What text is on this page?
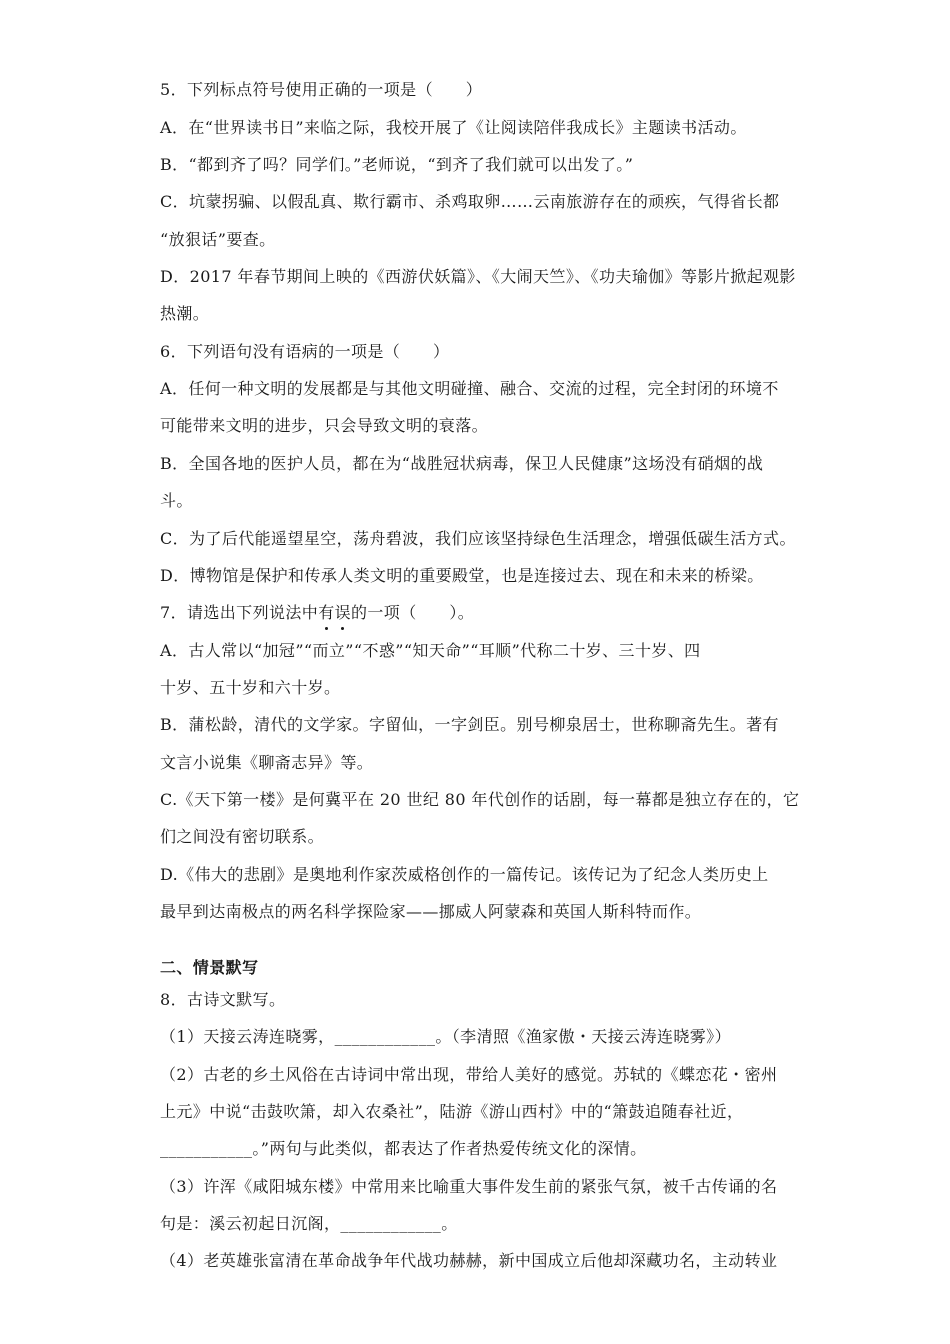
5．下列标点符号使用正确的一项是（　　）
A．在“世界读书日”来临之际，我校开展了《让阅读陪伴我成长》主题读书活动。
B．“都到齐了吗？同学们。”老师说，“到齐了我们就可以出发了。”
C．坑蒙拐骗、以假乱真、欺行霸市、杀鸡取卵……云南旅游存在的顽疾，气得省长都
“放狠话”要查。
D．2017 年春节期间上映的《西游伏妖篇》、《大闹天竺》、《功夫瑜伽》等影片掀起观影
热潮。
6．下列语句没有语病的一项是（　　）
A．任何一种文明的发展都是与其他文明碰撞、融合、交流的过程，完全封闭的环境不
可能带来文明的进步，只会导致文明的衰落。
B．全国各地的医护人员，都在为“战胜冠状病毒，保卫人民健康”这场没有硝烟的战
斗。
C．为了后代能遥望星空，荡舟碧波，我们应该坚持绿色生活理念，增强低碳生活方式。
D．博物馆是保护和传承人类文明的重要殿堂，也是连接过去、现在和未来的桥梁。
7．请选出下列说法中有误的一项（　　）。
A．古人常以“加冠”“而立”“不惑”“知天命”“耳顺”代称二十岁、三十岁、四
十岁、五十岁和六十岁。
B．蒲松龄，清代的文学家。字留仙，一字剑臣。别号柳泉居士，世称聊斋先生。著有
文言小说集《聊斋志异》等。
C.《天下第一楼》是何冀平在 20 世纪 80 年代创作的话剧，每一幕都是独立存在的，它
们之间没有密切联系。
D.《伟大的悲剧》是奥地利作家茨威格创作的一篇传记。该传记为了纪念人类历史上
最早到达南极点的两名科学探险家——挪威人阿蒙森和英国人斯科特而作。
二、情景默写
8．古诗文默写。
（1）天接云涛连晓雾，____________。（李清照《渔家傲・天接云涛连晓雾》）
（2）古老的乡土风俗在古诗词中常出现，带给人美好的感觉。苏轼的《蝶恋花・密州
上元》中说“击鼓吹箫，却入农桑社”，陆游《游山西村》中的“箫鼓追随春社近，
___________。”两句与此类似，都表达了作者热爱传统文化的深情。
（3）许浑《咸阳城东楼》中常用来比喻重大事件发生前的紧张气氛，被千古传诵的名
句是：溪云初起日沉阁，____________。
（4）老英雄张富清在革命战争年代战功赫赫，新中国成立后他却深藏功名，主动转业
